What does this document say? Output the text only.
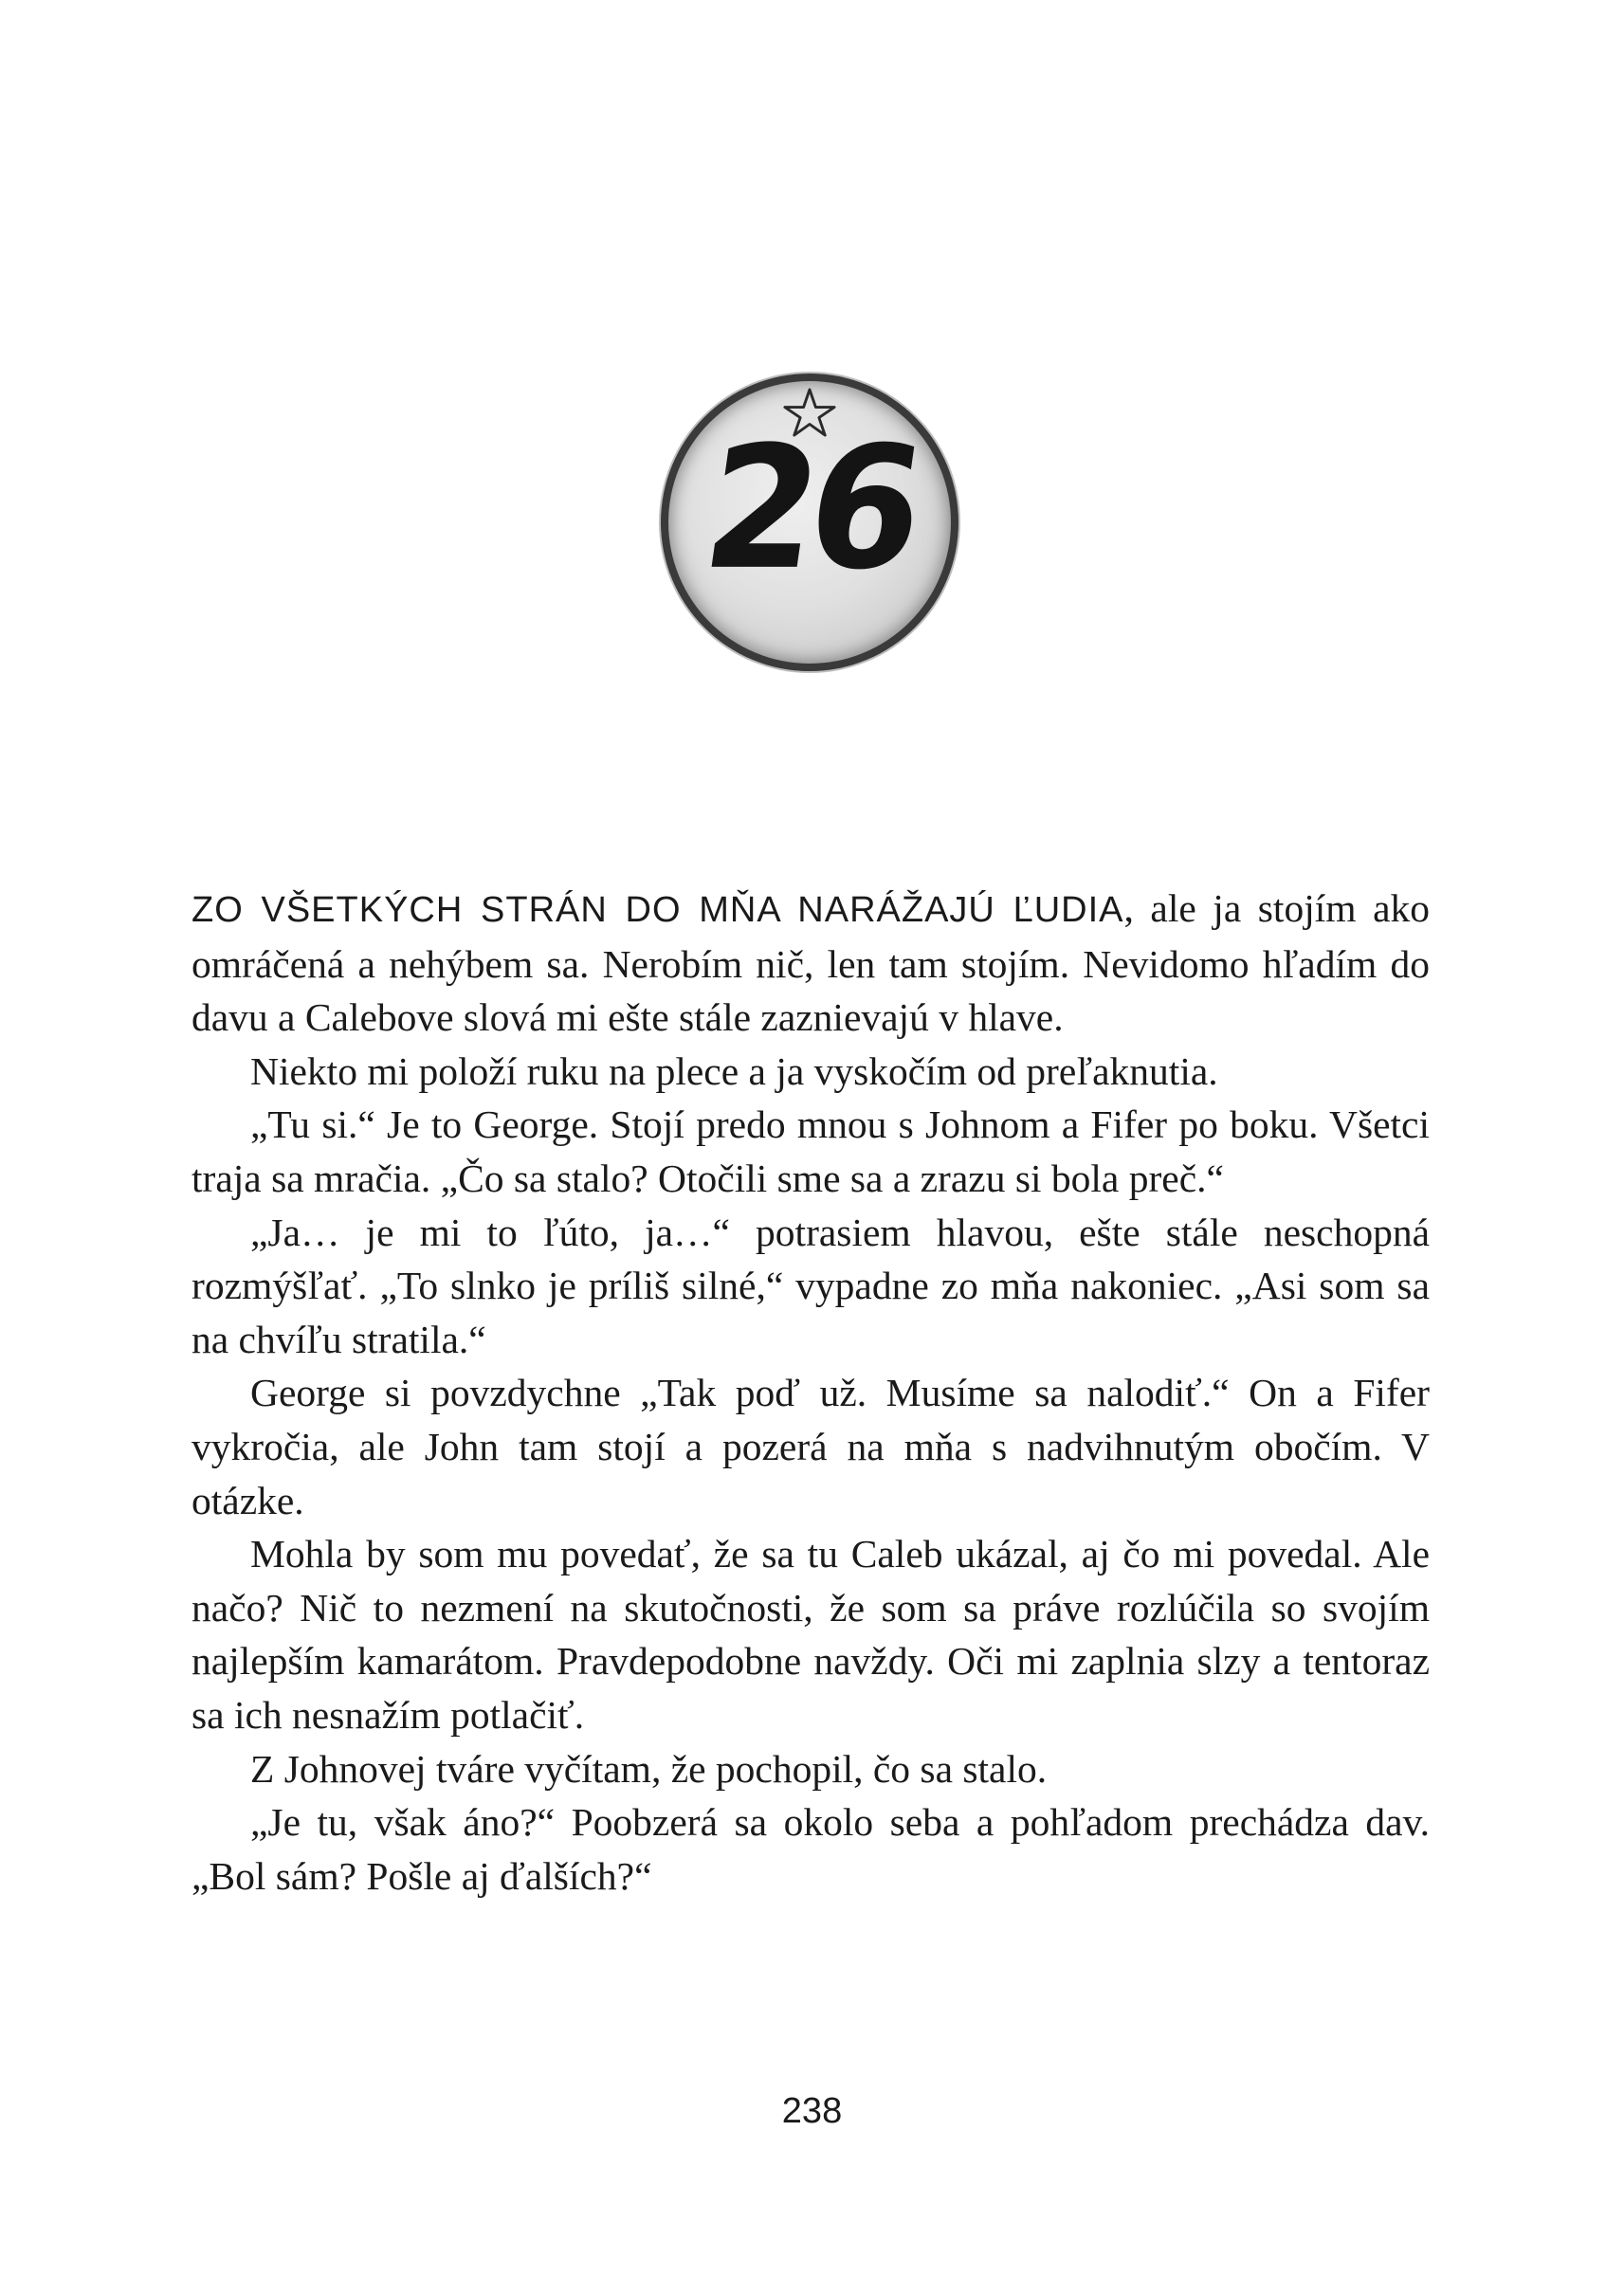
26

ZO VŠETKÝCH STRÁN DO MŇA NARÁŽAJÚ ĽUDIA, ale ja stojím ako omráčená a nehýbem sa. Nerobím nič, len tam stojím. Nevidomo hľadím do davu a Calebove slová mi ešte stále zaznievajú v hlave.

Niekto mi položí ruku na plece a ja vyskočím od preľaknutia.

„Tu si.“ Je to George. Stojí predo mnou s Johnom a Fifer po boku. Všetci traja sa mračia. „Čo sa stalo? Otočili sme sa a zrazu si bola preč.“

„Ja… je mi to ľúto, ja…“ potrasiem hlavou, ešte stále neschopná rozmýšľať. „To slnko je príliš silné,“ vypadne zo mňa nakoniec. „Asi som sa na chvíľu stratila.“

George si povzdychne „Tak poď už. Musíme sa nalodiť.“ On a Fifer vykročia, ale John tam stojí a pozerá na mňa s nadvihnutým obočím. V otázke.

Mohla by som mu povedať, že sa tu Caleb ukázal, aj čo mi povedal. Ale načo? Nič to nezmení na skutočnosti, že som sa práve rozlúčila so svojím najlepším kamarátom. Pravdepodobne navždy. Oči mi zaplnia slzy a tentoraz sa ich nesnažím potlačiť.

Z Johnovej tváre vyčítam, že pochopil, čo sa stalo.

„Je tu, však áno?“ Poobzerá sa okolo seba a pohľadom prechádza dav. „Bol sám? Pošle aj ďalších?“

238
